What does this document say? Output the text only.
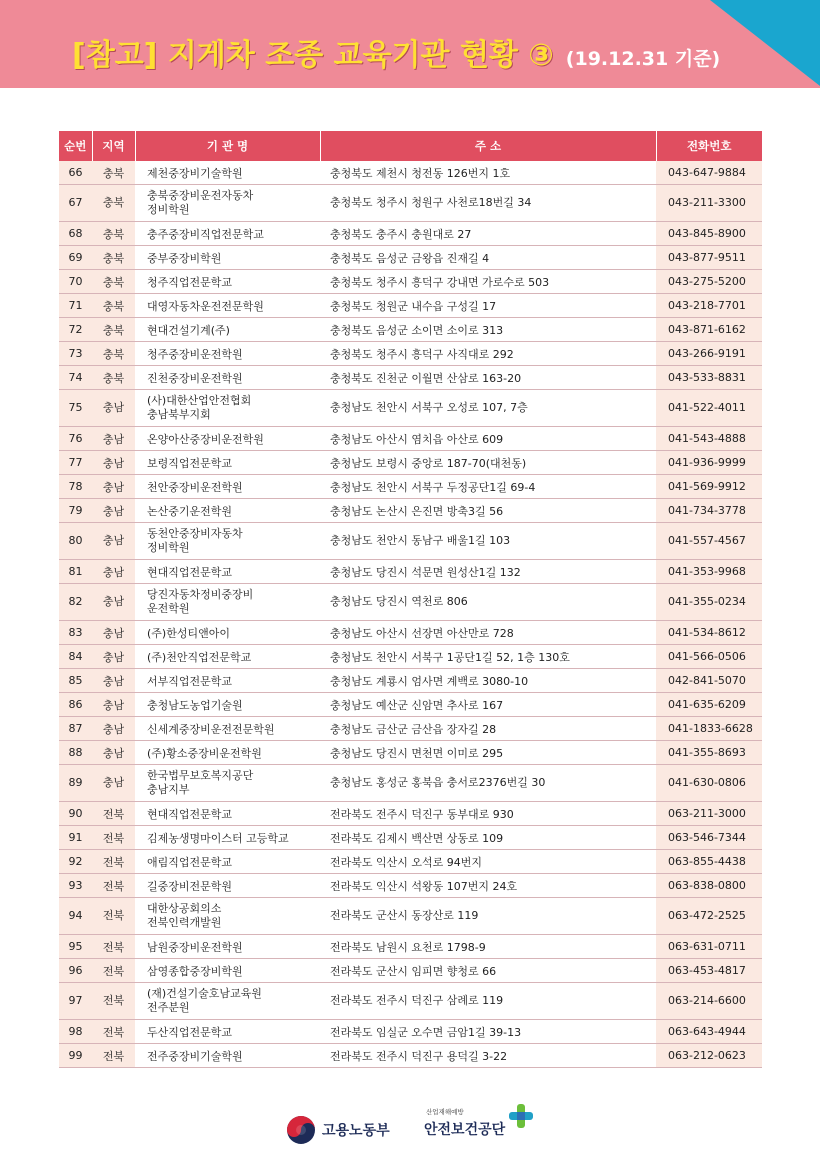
[참고] 지게차 조종 교육기관 현황 ③ (19.12.31 기준)
순번	지역	기 관 명	주 소	전화번호
66	충북	제천중장비기술학원	충청북도 제천시 청전동 126번지 1호	043-647-9884
67	충북	충북중장비운전자동차
정비학원	충청북도 청주시 청원구 사천로18번길 34	043-211-3300
68	충북	충주중장비직업전문학교	충청북도 충주시 충원대로 27	043-845-8900
69	충북	중부중장비학원	충청북도 음성군 금왕읍 진재길 4	043-877-9511
70	충북	청주직업전문학교	충청북도 청주시 흥덕구 강내면 가로수로 503	043-275-5200
71	충북	대영자동차운전전문학원	충청북도 청원군 내수읍 구성길 17	043-218-7701
72	충북	현대건설기계(주)	충청북도 음성군 소이면 소이로 313	043-871-6162
73	충북	청주중장비운전학원	충청북도 청주시 흥덕구 사직대로 292	043-266-9191
74	충북	진천중장비운전학원	충청북도 진천군 이월면 산삼로 163-20	043-533-8831
75	충남	(사)대한산업안전협회
충남북부지회	충청남도 천안시 서북구 오성로 107, 7층	041-522-4011
76	충남	온양아산중장비운전학원	충청남도 아산시 염치읍 아산로 609	041-543-4888
77	충남	보령직업전문학교	충청남도 보령시 중앙로 187-70(대천동)	041-936-9999
78	충남	천안중장비운전학원	충청남도 천안시 서북구 두정공단1길 69-4	041-569-9912
79	충남	논산중기운전학원	충청남도 논산시 은진면 방축3길 56	041-734-3778
80	충남	동천안중장비자동차
정비학원	충청남도 천안시 동남구 배울1길 103	041-557-4567
81	충남	현대직업전문학교	충청남도 당진시 석문면 원성산1길 132	041-353-9968
82	충남	당진자동차정비중장비
운전학원	충청남도 당진시 역천로 806	041-355-0234
83	충남	(주)한성티앤아이	충청남도 아산시 선장면 아산만로 728	041-534-8612
84	충남	(주)천안직업전문학교	충청남도 천안시 서북구 1공단1길 52, 1층 130호	041-566-0506
85	충남	서부직업전문학교	충청남도 계룡시 엄사면 계백로 3080-10	042-841-5070
86	충남	충청남도농업기술원	충청남도 예산군 신암면 추사로 167	041-635-6209
87	충남	신세계중장비운전전문학원	충청남도 금산군 금산읍 장자길 28	041-1833-6628
88	충남	(주)황소중장비운전학원	충청남도 당진시 면천면 이미로 295	041-355-8693
89	충남	한국법무보호복지공단
충남지부	충청남도 홍성군 홍북읍 충서로2376번길 30	041-630-0806
90	전북	현대직업전문학교	전라북도 전주시 덕진구 동부대로 930	063-211-3000
91	전북	김제농생명마이스터 고등학교	전라북도 김제시 백산면 상동로 109	063-546-7344
92	전북	애림직업전문학교	전라북도 익산시 오석로 94번지	063-855-4438
93	전북	길중장비전문학원	전라북도 익산시 석왕동 107번지 24호	063-838-0800
94	전북	대한상공회의소
전북인력개발원	전라북도 군산시 동장산로 119	063-472-2525
95	전북	남원중장비운전학원	전라북도 남원시 요천로 1798-9	063-631-0711
96	전북	삼영종합중장비학원	전라북도 군산시 임피면 향청로 66	063-453-4817
97	전북	(재)건설기술호남교육원
전주분원	전라북도 전주시 덕진구 삼례로 119	063-214-6600
98	전북	두산직업전문학교	전라북도 임실군 오수면 금암1길 39-13	063-643-4944
99	전북	전주중장비기술학원	전라북도 전주시 덕진구 용덕길 3-22	063-212-0623
고용노동부
산업재해예방
안전보건공단
